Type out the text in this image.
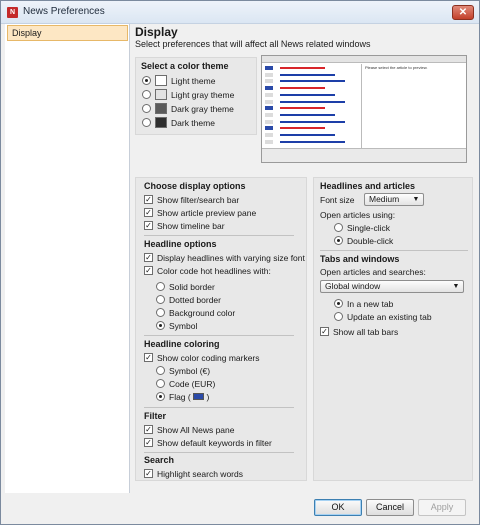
N News Preferences	✕
Display	Display
Select preferences that will affect all News related windows
Select a color theme
Light theme
Light gray theme
Dark gray theme
Dark theme
Please select the article to preview.
Choose display options
✓ Show filter/search bar
✓ Show article preview pane
✓ Show timeline bar
Headline options
✓ Display headlines with varying size font
✓ Color code hot headlines with:
Solid border
Dotted border
Background color
Symbol
Headline coloring
✓ Show color coding markers
Symbol (€)
Code (EUR)
Flag ( )
Filter
✓ Show All News pane
✓ Show default keywords in filter
Search
✓ Highlight search words
Headlines and articles
Font size	Medium ▼
Open articles using:
Single-click
Double-click
Tabs and windows
Open articles and searches:
Global window	▼
In a new tab
Update an existing tab
✓ Show all tab bars
OK	Cancel	Apply
